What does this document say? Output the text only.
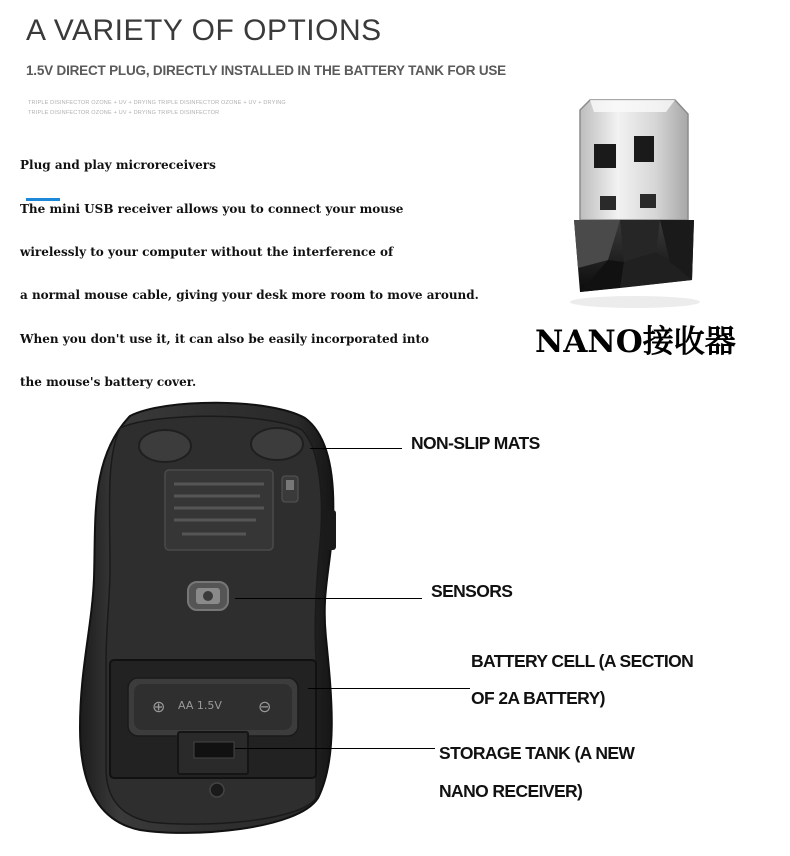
A VARIETY OF OPTIONS
1.5V DIRECT PLUG, DIRECTLY INSTALLED IN THE BATTERY TANK FOR USE
TRIPLE DISINFECTOR OZONE + UV + DRYING TRIPLE DISINFECTOR OZONE + UV + DRYING
TRIPLE DISINFECTOR OZONE + UV + DRYING TRIPLE DISINFECTOR
Plug and play microreceivers
The mini USB receiver allows you to connect your mouse
wirelessly to your computer without the interference of
a normal mouse cable, giving your desk more room to move around.
When you don't use it, it can also be easily incorporated into
the mouse's battery cover.
NANO接收器
⊕ AA 1.5V ⊖
NON-SLIP MATS
SENSORS
BATTERY CELL (A SECTION
OF 2A BATTERY)
STORAGE TANK (A NEW
NANO RECEIVER)
